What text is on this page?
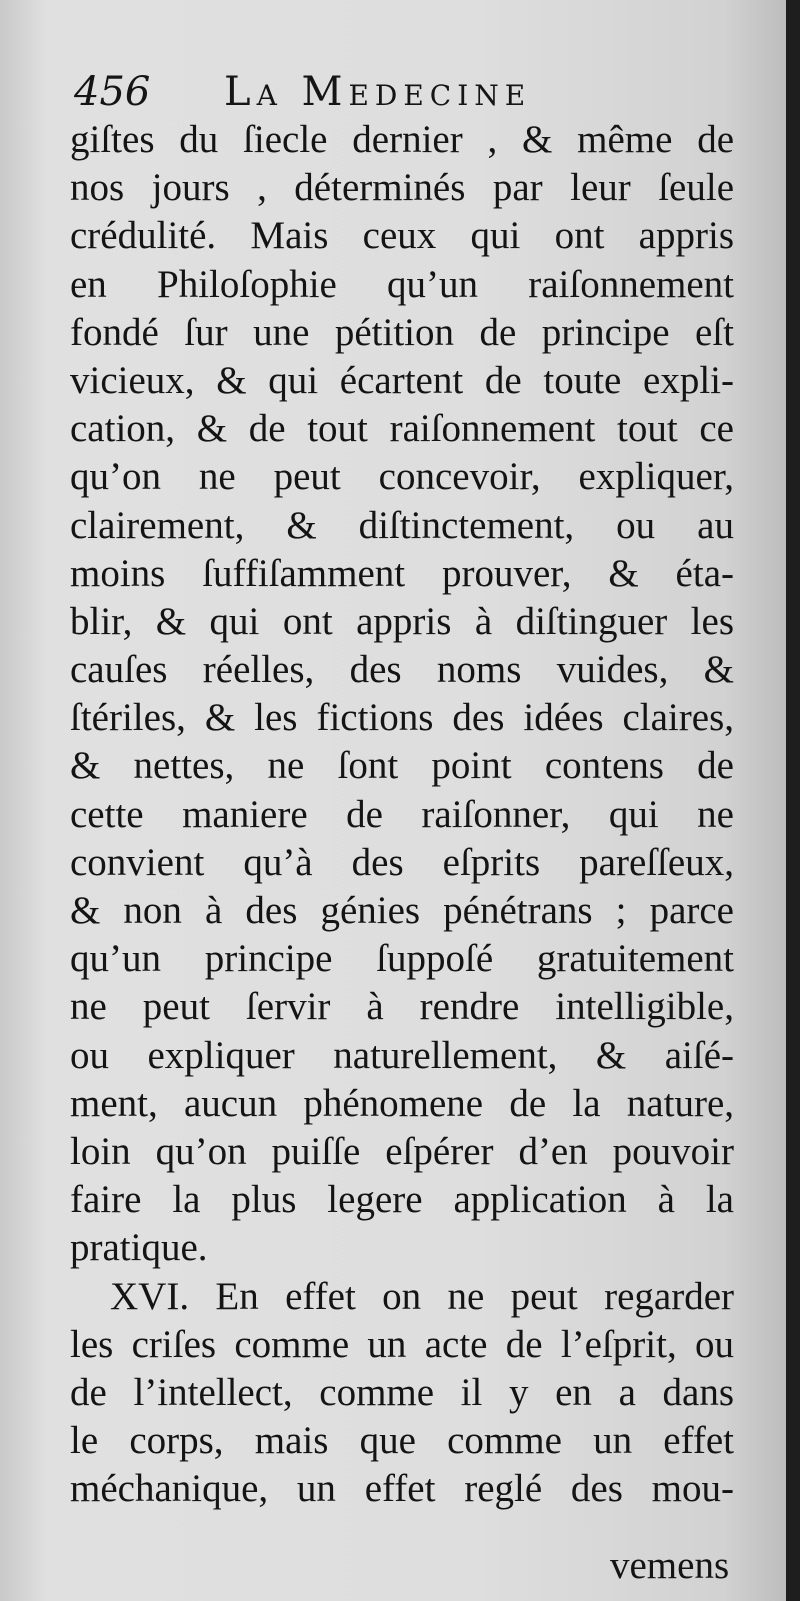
456 La Medecine
giſtes du ſiecle dernier , & même de
nos jours , déterminés par leur ſeule
crédulité. Mais ceux qui ont appris
en Philoſophie qu’un raiſonnement
fondé ſur une pétition de principe eſt
vicieux, & qui écartent de toute expli-
cation, & de tout raiſonnement tout ce
qu’on ne peut concevoir, expliquer,
clairement, & diſtinctement, ou au
moins ſuffiſamment prouver, & éta-
blir, & qui ont appris à diſtinguer les
cauſes réelles, des noms vuides, &
ſtériles, & les fictions des idées claires,
& nettes, ne ſont point contens de
cette maniere de raiſonner, qui ne
convient qu’à des eſprits pareſſeux,
& non à des génies pénétrans ; parce
qu’un principe ſuppoſé gratuitement
ne peut ſervir à rendre intelligible,
ou expliquer naturellement, & aiſé-
ment, aucun phénomene de la nature,
loin qu’on puiſſe eſpérer d’en pouvoir
faire la plus legere application à la
pratique.
XVI. En effet on ne peut regarder
les criſes comme un acte de l’eſprit, ou
de l’intellect, comme il y en a dans
le corps, mais que comme un effet
méchanique, un effet reglé des mou-
vemens
